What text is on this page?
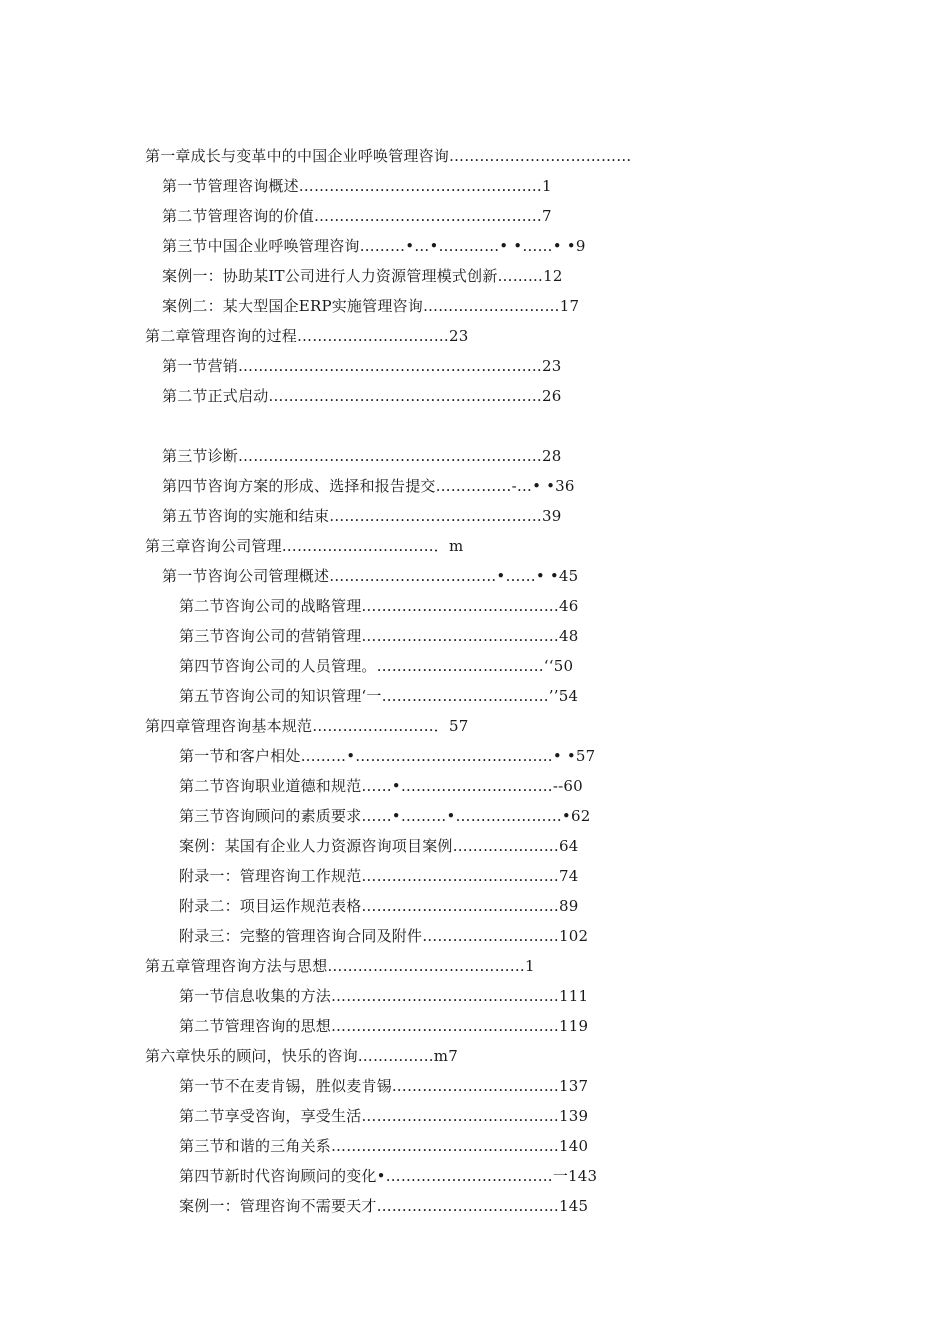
第一章成长与变革中的中国企业呼唤管理咨询………………………………
第一节管理咨询概述…………………………………………1
第二节管理咨询的价值………………………………………7
第三节中国企业呼唤管理咨询………•…•…………• •……• •9
案例一：协助某IT公司进行人力资源管理模式创新………12
案例二：某大型国企ERP实施管理咨询………………………17
第二章管理咨询的过程…………………………23
第一节营销……………………………………………………23
第二节正式启动………………………………………………26
第三节诊断……………………………………………………28
第四节咨询方案的形成、选择和报告提交……………-…• •36
第五节咨询的实施和结束……………………………………39
第三章咨询公司管理…………………………．m
第一节咨询公司管理概述……………………………•……• •45
第二节咨询公司的战略管理…………………………………46
第三节咨询公司的营销管理…………………………………48
第四节咨询公司的人员管理。……………………………‘‘50
第五节咨询公司的知识管理‘一……………………………’’54
第四章管理咨询基本规范……………………．57
第一节和客户相处………•…………………………………• •57
第二节咨询职业道德和规范……•…………………………--60
第三节咨询顾问的素质要求……•………•…………………•62
案例：某国有企业人力资源咨询项目案例…………………64
附录一：管理咨询工作规范…………………………………74
附录二：项目运作规范表格…………………………………89
附录三：完整的管理咨询合同及附件………………………102
第五章管理咨询方法与思想…………………………………1
第一节信息收集的方法………………………………………111
第二节管理咨询的思想………………………………………119
第六章快乐的顾问，快乐的咨询……………m7
第一节不在麦肯锡，胜似麦肯锡……………………………137
第二节享受咨询，享受生活…………………………………139
第三节和谐的三角关系………………………………………140
第四节新时代咨询顾问的变化•……………………………一143
案例一：管理咨询不需要天才………………………………145
